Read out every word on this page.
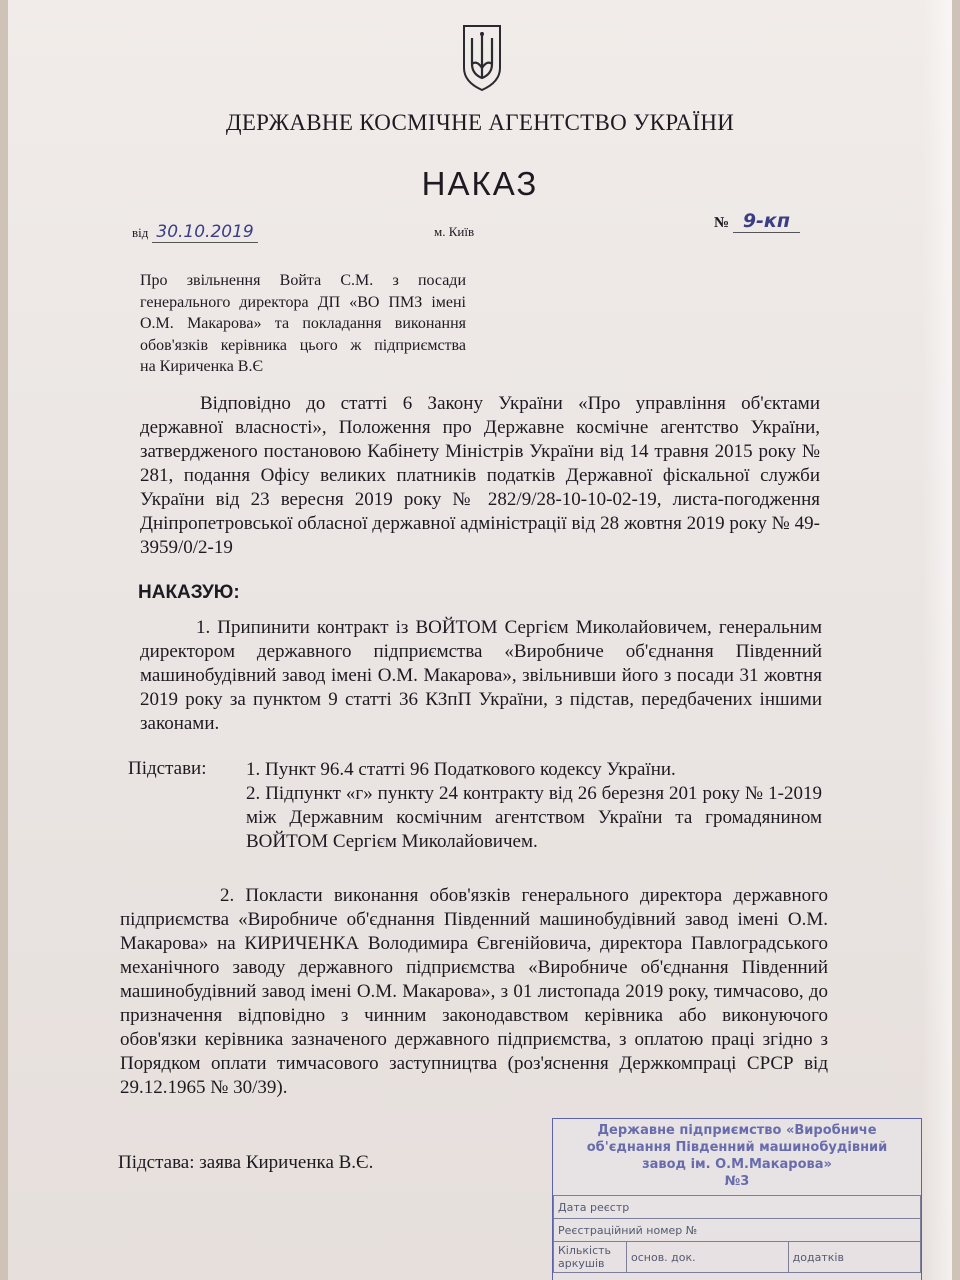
ДЕРЖАВНЕ КОСМІЧНЕ АГЕНТСТВО УКРАЇНИ
НАКАЗ
від 30.10.2019	м. Київ
№ 9-кп
Про звільнення Войта С.М. з посади
генерального директора ДП «ВО ПМЗ імені
О.М. Макарова» та покладання виконання
обов'язків керівника цього ж підприємства
на Кириченка В.Є
Відповідно до статті 6 Закону України «Про управління об'єктами державної власності», Положення про Державне космічне агентство України, затвердженого постановою Кабінету Міністрів України від 14 травня 2015 року № 281, подання Офісу великих платників податків Державної фіскальної служби України від 23 вересня 2019 року № 282/9/28-10-10-02-19, листа-погодження Дніпропетровської обласної державної адміністрації від 28 жовтня 2019 року № 49-3959/0/2-19
НАКАЗУЮ:
1. Припинити контракт із ВОЙТОМ Сергієм Миколайовичем, генеральним директором державного підприємства «Виробниче об'єднання Південний машинобудівний завод імені О.М. Макарова», звільнивши його з посади 31 жовтня 2019 року за пунктом 9 статті 36 КЗпП України, з підстав, передбачених іншими законами.
Підстави: 1. Пункт 96.4 статті 96 Податкового кодексу України.
2. Підпункт «г» пункту 24 контракту від 26 березня 201 року № 1-2019 між Державним космічним агентством України та громадянином ВОЙТОМ Сергієм Миколайовичем.
2. Покласти виконання обов'язків генерального директора державного підприємства «Виробниче об'єднання Південний машинобудівний завод імені О.М. Макарова» на КИРИЧЕНКА Володимира Євгенійовича, директора Павлоградського механічного заводу державного підприємства «Виробниче об'єднання Південний машинобудівний завод імені О.М. Макарова», з 01 листопада 2019 року, тимчасово, до призначення відповідно з чинним законодавством керівника або виконуючого обов'язки керівника зазначеного державного підприємства, з оплатою праці згідно з Порядком оплати тимчасового заступництва (роз'яснення Держкомпраці СРСР від 29.12.1965 № 30/39).
Підстава: заява Кириченка В.Є.
Державне підприємство «Виробниче
об'єднання Південний машинобудівний
завод ім. О.М.Макарова»
№3
Дата реєстр
Реєстраційний номер №
Кількість аркушів	основ. док.	додатків
